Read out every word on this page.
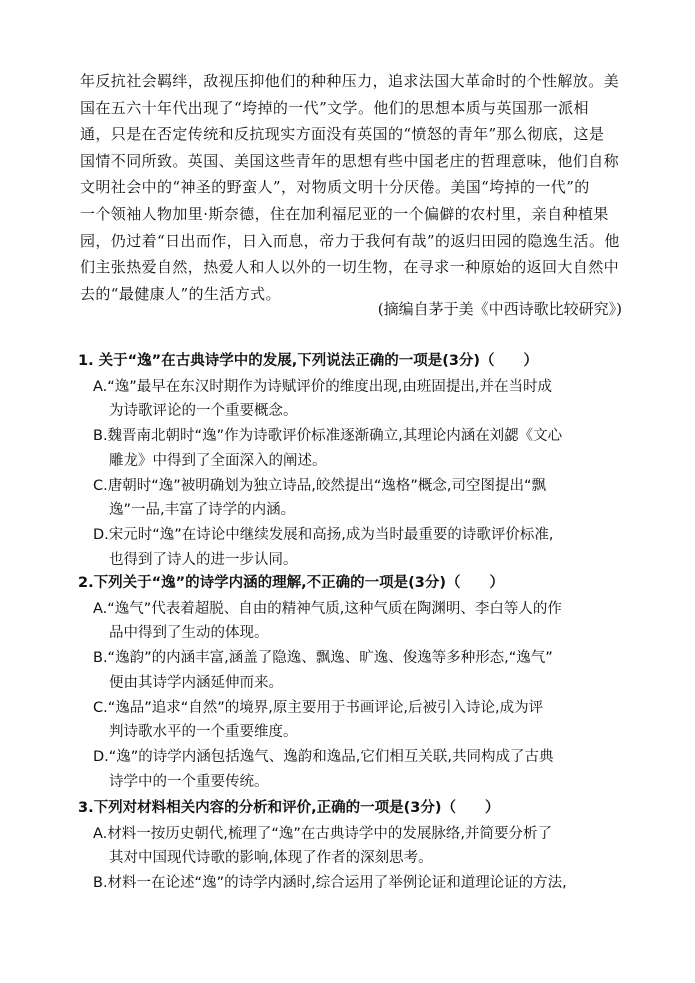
年反抗社会羁绊，敌视压抑他们的种种压力，追求法国大革命时的个性解放。美
国在五六十年代出现了“垮掉的一代”文学。他们的思想本质与英国那一派相
通，只是在否定传统和反抗现实方面没有英国的“愤怒的青年”那么彻底，这是
国情不同所致。英国、美国这些青年的思想有些中国老庄的哲理意味，他们自称
文明社会中的“神圣的野蛮人”，对物质文明十分厌倦。美国“垮掉的一代”的
一个领袖人物加里·斯奈德，住在加利福尼亚的一个偏僻的农村里，亲自种植果
园，仍过着“日出而作，日入而息，帝力于我何有哉”的返归田园的隐逸生活。他
们主张热爱自然，热爱人和人以外的一切生物，在寻求一种原始的返回大自然中
去的“最健康人”的生活方式。
(摘编自茅于美《中西诗歌比较研究》)
1. 关于“逸”在古典诗学中的发展,下列说法正确的一项是(3分)（　　）
A.“逸”最早在东汉时期作为诗赋评价的维度出现,由班固提出,并在当时成
为诗歌评论的一个重要概念。
B.魏晋南北朝时“逸”作为诗歌评价标准逐渐确立,其理论内涵在刘勰《文心
雕龙》中得到了全面深入的阐述。
C.唐朝时“逸”被明确划为独立诗品,皎然提出“逸格”概念,司空图提出“飘
逸”一品,丰富了诗学的内涵。
D.宋元时“逸”在诗论中继续发展和高扬,成为当时最重要的诗歌评价标准,
也得到了诗人的进一步认同。
2.下列关于“逸”的诗学内涵的理解,不正确的一项是(3分)（　　）
A.“逸气”代表着超脱、自由的精神气质,这种气质在陶渊明、李白等人的作
品中得到了生动的体现。
B.“逸韵”的内涵丰富,涵盖了隐逸、飘逸、旷逸、俊逸等多种形态,“逸气”
便由其诗学内涵延伸而来。
C.“逸品”追求“自然”的境界,原主要用于书画评论,后被引入诗论,成为评
判诗歌水平的一个重要维度。
D.“逸”的诗学内涵包括逸气、逸韵和逸品,它们相互关联,共同构成了古典
诗学中的一个重要传统。
3.下列对材料相关内容的分析和评价,正确的一项是(3分)（　　）
A.材料一按历史朝代,梳理了“逸”在古典诗学中的发展脉络,并简要分析了
其对中国现代诗歌的影响,体现了作者的深刻思考。
B.材料一在论述“逸”的诗学内涵时,综合运用了举例论证和道理论证的方法,
